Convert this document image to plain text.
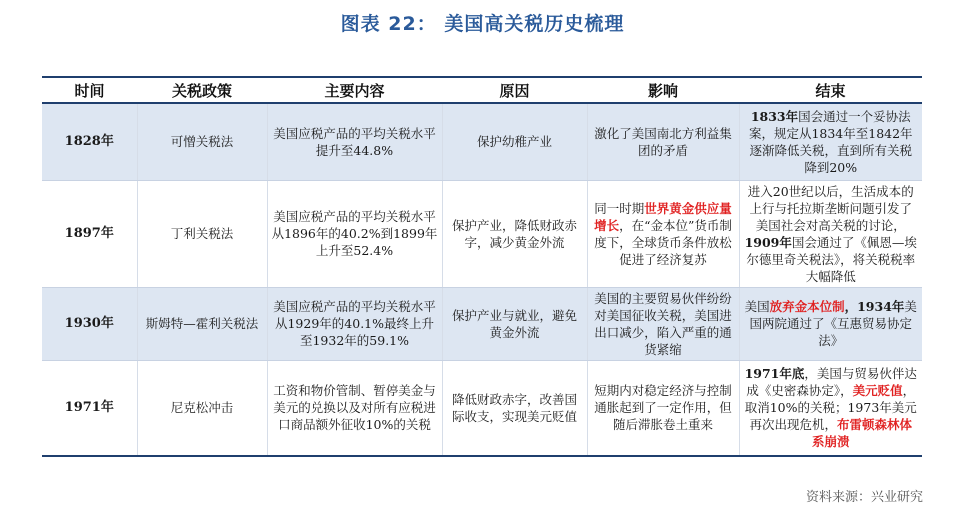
图表 22： 美国高关税历史梳理
时间	关税政策	主要内容	原因	影响	结束
1828年	可憎关税法	美国应税产品的平均关税水平提升至44.8%	保护幼稚产业	激化了美国南北方利益集团的矛盾	1833年国会通过一个妥协法案，规定从1834年至1842年逐渐降低关税，直到所有关税降到20%
1897年	丁利关税法	美国应税产品的平均关税水平从1896年的40.2%到1899年上升至52.4%	保护产业，降低财政赤字，减少黄金外流	同一时期世界黄金供应量增长，在“金本位”货币制度下，全球货币条件放松促进了经济复苏	进入20世纪以后，生活成本的上行与托拉斯垄断问题引发了美国社会对高关税的讨论，1909年国会通过了《佩恩—埃尔德里奇关税法》，将关税税率大幅降低
1930年	斯姆特—霍利关税法	美国应税产品的平均关税水平从1929年的40.1%最终上升至1932年的59.1%	保护产业与就业，避免黄金外流	美国的主要贸易伙伴纷纷对美国征收关税，美国进出口减少，陷入严重的通货紧缩	美国放弃金本位制，1934年美国两院通过了《互惠贸易协定法》
1971年	尼克松冲击	工资和物价管制、暂停美金与美元的兑换以及对所有应税进口商品额外征收10%的关税	降低财政赤字，改善国际收支，实现美元贬值	短期内对稳定经济与控制通胀起到了一定作用，但随后滞胀卷土重来	1971年底，美国与贸易伙伴达成《史密森协定》，美元贬值，取消10%的关税；1973年美元再次出现危机，布雷顿森林体系崩溃
资料来源：兴业研究
